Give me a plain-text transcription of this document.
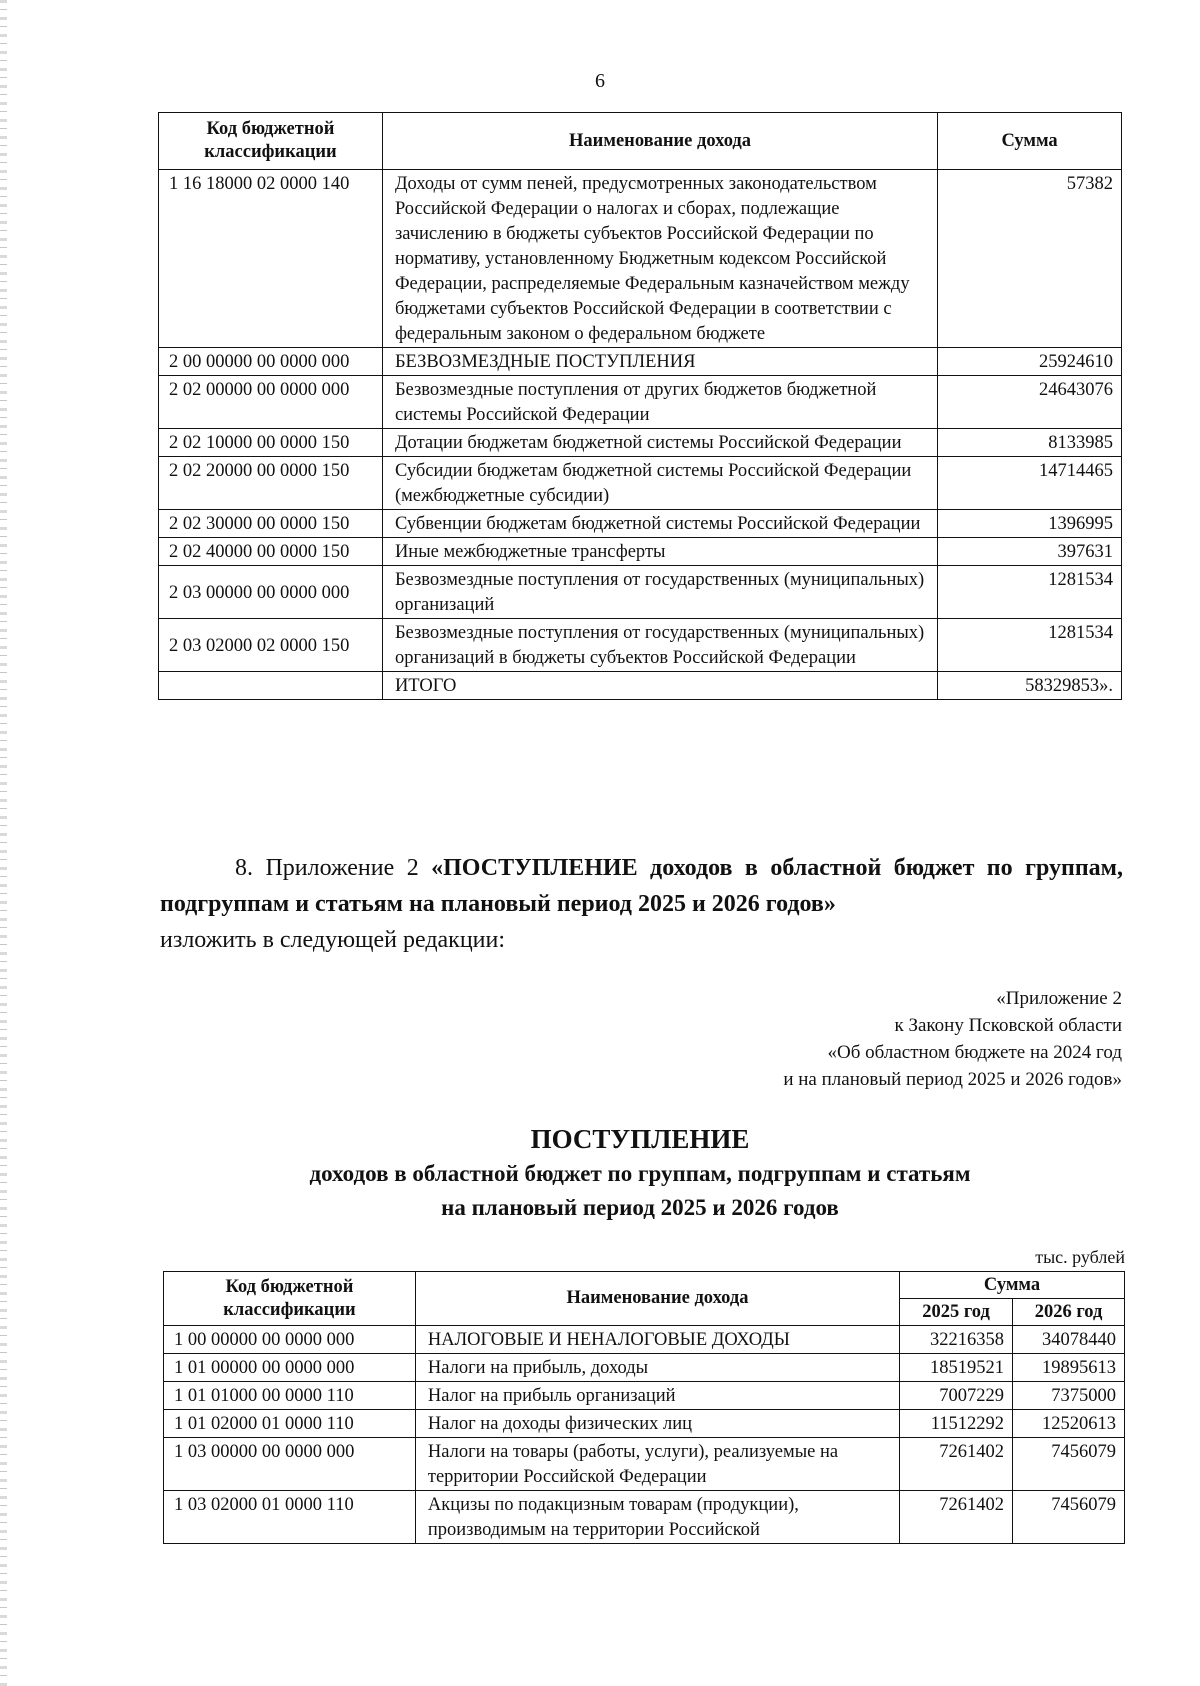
6
Код бюджетной классификации	Наименование дохода	Сумма
1 16 18000 02 0000 140	Доходы от сумм пеней, предусмотренных законодательством Российской Федерации о налогах и сборах, подлежащие зачислению в бюджеты субъектов Российской Федерации по нормативу, установленному Бюджетным кодексом Российской Федерации, распределяемые Федеральным казначейством между бюджетами субъектов Российской Федерации в соответствии с федеральным законом о федеральном бюджете	57382
2 00 00000 00 0000 000	БЕЗВОЗМЕЗДНЫЕ ПОСТУПЛЕНИЯ	25924610
2 02 00000 00 0000 000	Безвозмездные поступления от других бюджетов бюджетной системы Российской Федерации	24643076
2 02 10000 00 0000 150	Дотации бюджетам бюджетной системы Российской Федерации	8133985
2 02 20000 00 0000 150	Субсидии бюджетам бюджетной системы Российской Федерации (межбюджетные субсидии)	14714465
2 02 30000 00 0000 150	Субвенции бюджетам бюджетной системы Российской Федерации	1396995
2 02 40000 00 0000 150	Иные межбюджетные трансферты	397631
2 03 00000 00 0000 000	Безвозмездные поступления от государственных (муниципальных) организаций	1281534
2 03 02000 02 0000 150	Безвозмездные поступления от государственных (муниципальных) организаций в бюджеты субъектов Российской Федерации	1281534
	ИТОГО	58329853».
8. Приложение 2 «ПОСТУПЛЕНИЕ доходов в областной бюджет по группам, подгруппам и статьям на плановый период 2025 и 2026 годов»
изложить в следующей редакции:
«Приложение 2
к Закону Псковской области
«Об областном бюджете на 2024 год
и на плановый период 2025 и 2026 годов»
ПОСТУПЛЕНИЕ
доходов в областной бюджет по группам, подгруппам и статьям
на плановый период 2025 и 2026 годов
тыс. рублей
Код бюджетной классификации	Наименование дохода	Сумма	
		2025 год	2026 год
1 00 00000 00 0000 000	НАЛОГОВЫЕ И НЕНАЛОГОВЫЕ ДОХОДЫ	32216358	34078440
1 01 00000 00 0000 000	Налоги на прибыль, доходы	18519521	19895613
1 01 01000 00 0000 110	Налог на прибыль организаций	7007229	7375000
1 01 02000 01 0000 110	Налог на доходы физических лиц	11512292	12520613
1 03 00000 00 0000 000	Налоги на товары (работы, услуги), реализуемые на территории Российской Федерации	7261402	7456079
1 03 02000 01 0000 110	Акцизы по подакцизным товарам (продукции), производимым на территории Российской	7261402	7456079
